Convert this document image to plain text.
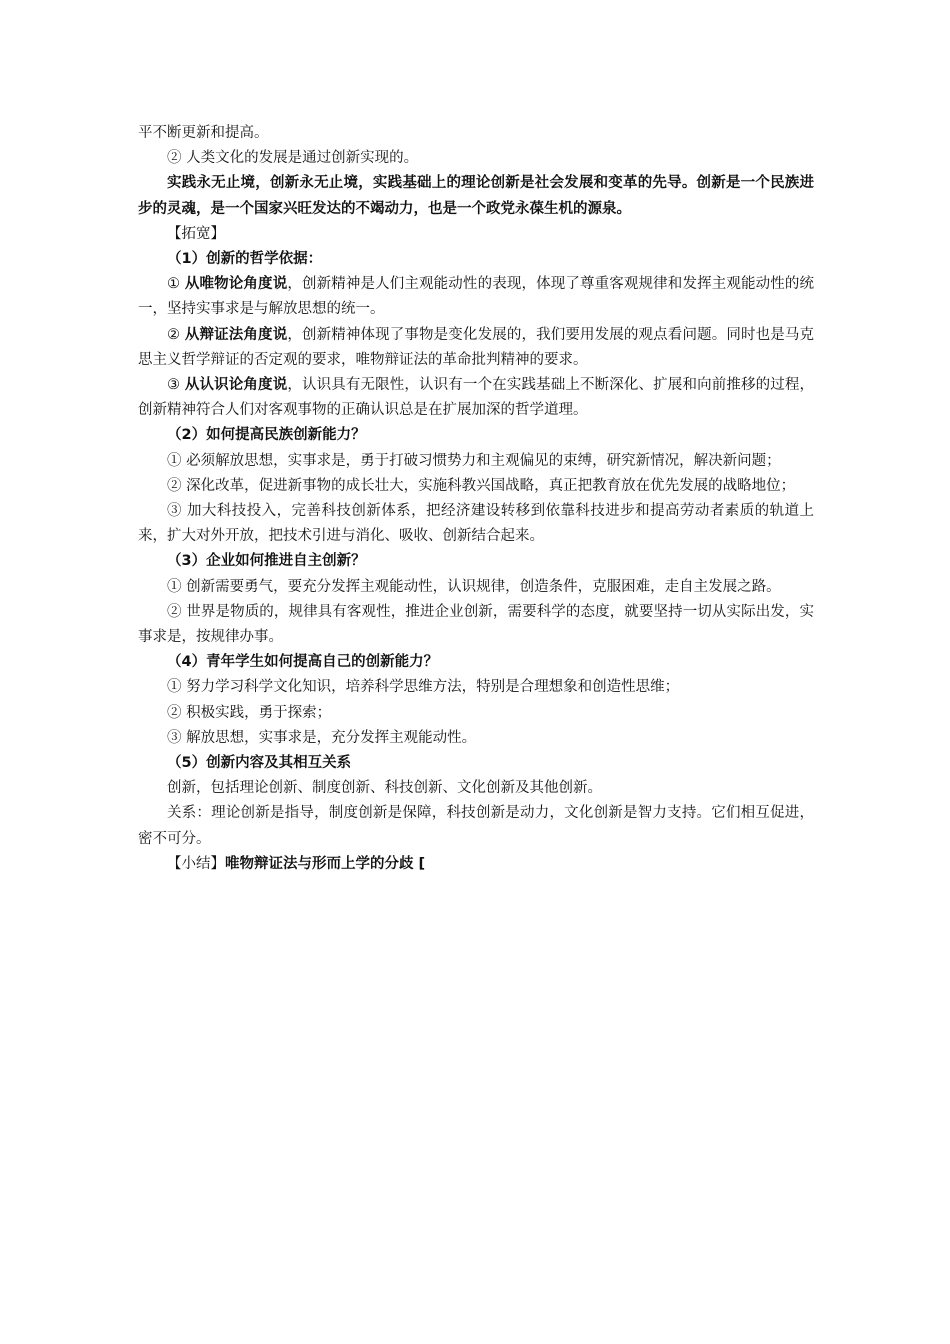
平不断更新和提高。

② 人类文化的发展是通过创新实现的。

实践永无止境，创新永无止境，实践基础上的理论创新是社会发展和变革的先导。创新是一个民族进步的灵魂，是一个国家兴旺发达的不竭动力，也是一个政党永葆生机的源泉。

【拓宽】

（1）创新的哲学依据：

① 从唯物论角度说，创新精神是人们主观能动性的表现，体现了尊重客观规律和发挥主观能动性的统一，坚持实事求是与解放思想的统一。

② 从辩证法角度说，创新精神体现了事物是变化发展的，我们要用发展的观点看问题。同时也是马克思主义哲学辩证的否定观的要求，唯物辩证法的革命批判精神的要求。

③ 从认识论角度说，认识具有无限性，认识有一个在实践基础上不断深化、扩展和向前推移的过程，创新精神符合人们对客观事物的正确认识总是在扩展加深的哲学道理。

（2）如何提高民族创新能力？

① 必须解放思想，实事求是，勇于打破习惯势力和主观偏见的束缚，研究新情况，解决新问题；

② 深化改革，促进新事物的成长壮大，实施科教兴国战略，真正把教育放在优先发展的战略地位；

③ 加大科技投入，完善科技创新体系，把经济建设转移到依靠科技进步和提高劳动者素质的轨道上来，扩大对外开放，把技术引进与消化、吸收、创新结合起来。

（3）企业如何推进自主创新？

① 创新需要勇气，要充分发挥主观能动性，认识规律，创造条件，克服困难，走自主发展之路。

② 世界是物质的，规律具有客观性，推进企业创新，需要科学的态度，就要坚持一切从实际出发，实事求是，按规律办事。

（4）青年学生如何提高自己的创新能力？

① 努力学习科学文化知识，培养科学思维方法，特别是合理想象和创造性思维；

② 积极实践，勇于探索；

③ 解放思想，实事求是，充分发挥主观能动性。

（5）创新内容及其相互关系

创新，包括理论创新、制度创新、科技创新、文化创新及其他创新。

关系：理论创新是指导，制度创新是保障，科技创新是动力，文化创新是智力支持。它们相互促进，密不可分。

【小结】唯物辩证法与形而上学的分歧 [
